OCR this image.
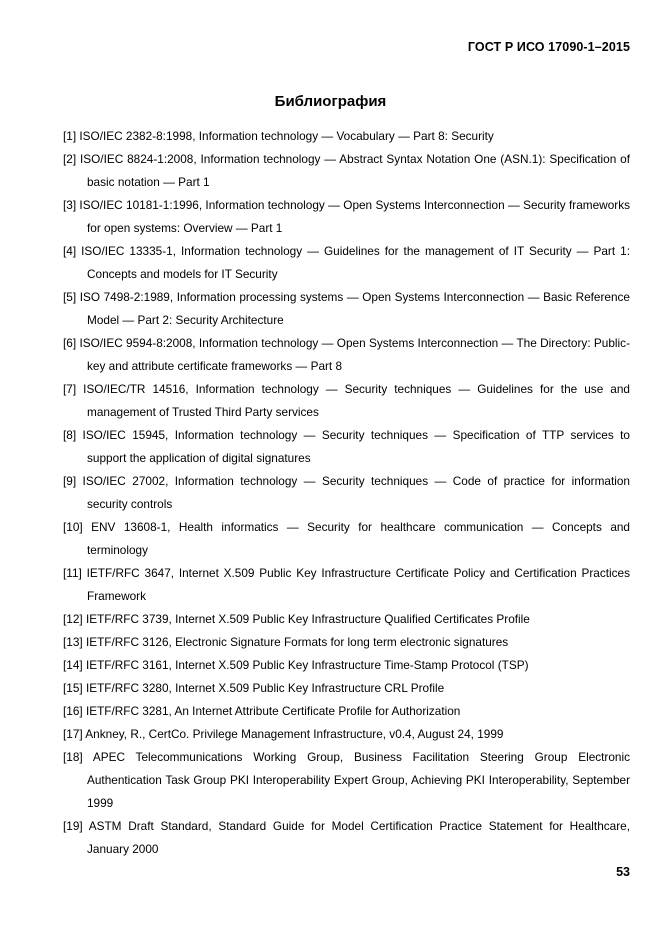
ГОСТ Р ИСО 17090-1–2015
Библиография
[1] ISO/IEC 2382-8:1998, Information technology — Vocabulary — Part 8: Security
[2] ISO/IEC 8824-1:2008, Information technology — Abstract Syntax Notation One (ASN.1): Specification of basic notation — Part 1
[3] ISO/IEC 10181-1:1996, Information technology — Open Systems Interconnection — Security frameworks for open systems: Overview — Part 1
[4] ISO/IEC 13335-1, Information technology — Guidelines for the management of IT Security — Part 1: Concepts and models for IT Security
[5] ISO 7498-2:1989, Information processing systems — Open Systems Interconnection — Basic Reference Model — Part 2: Security Architecture
[6] ISO/IEC 9594-8:2008, Information technology — Open Systems Interconnection — The Directory: Public-key and attribute certificate frameworks — Part 8
[7] ISO/IEC/TR 14516, Information technology — Security techniques — Guidelines for the use and management of Trusted Third Party services
[8] ISO/IEC 15945, Information technology — Security techniques — Specification of TTP services to support the application of digital signatures
[9] ISO/IEC 27002, Information technology — Security techniques — Code of practice for information security controls
[10] ENV 13608-1, Health informatics — Security for healthcare communication — Concepts and terminology
[11] IETF/RFC 3647, Internet X.509 Public Key Infrastructure Certificate Policy and Certification Practices Framework
[12] IETF/RFC 3739, Internet X.509 Public Key Infrastructure Qualified Certificates Profile
[13] IETF/RFC 3126, Electronic Signature Formats for long term electronic signatures
[14] IETF/RFC 3161, Internet X.509 Public Key Infrastructure Time-Stamp Protocol (TSP)
[15] IETF/RFC 3280, Internet X.509 Public Key Infrastructure CRL Profile
[16] IETF/RFC 3281, An Internet Attribute Certificate Profile for Authorization
[17] Ankney, R., CertCo. Privilege Management Infrastructure, v0.4, August 24, 1999
[18] APEC Telecommunications Working Group, Business Facilitation Steering Group Electronic Authentication Task Group PKI Interoperability Expert Group, Achieving PKI Interoperability, September 1999
[19] ASTM Draft Standard, Standard Guide for Model Certification Practice Statement for Healthcare, January 2000
53
